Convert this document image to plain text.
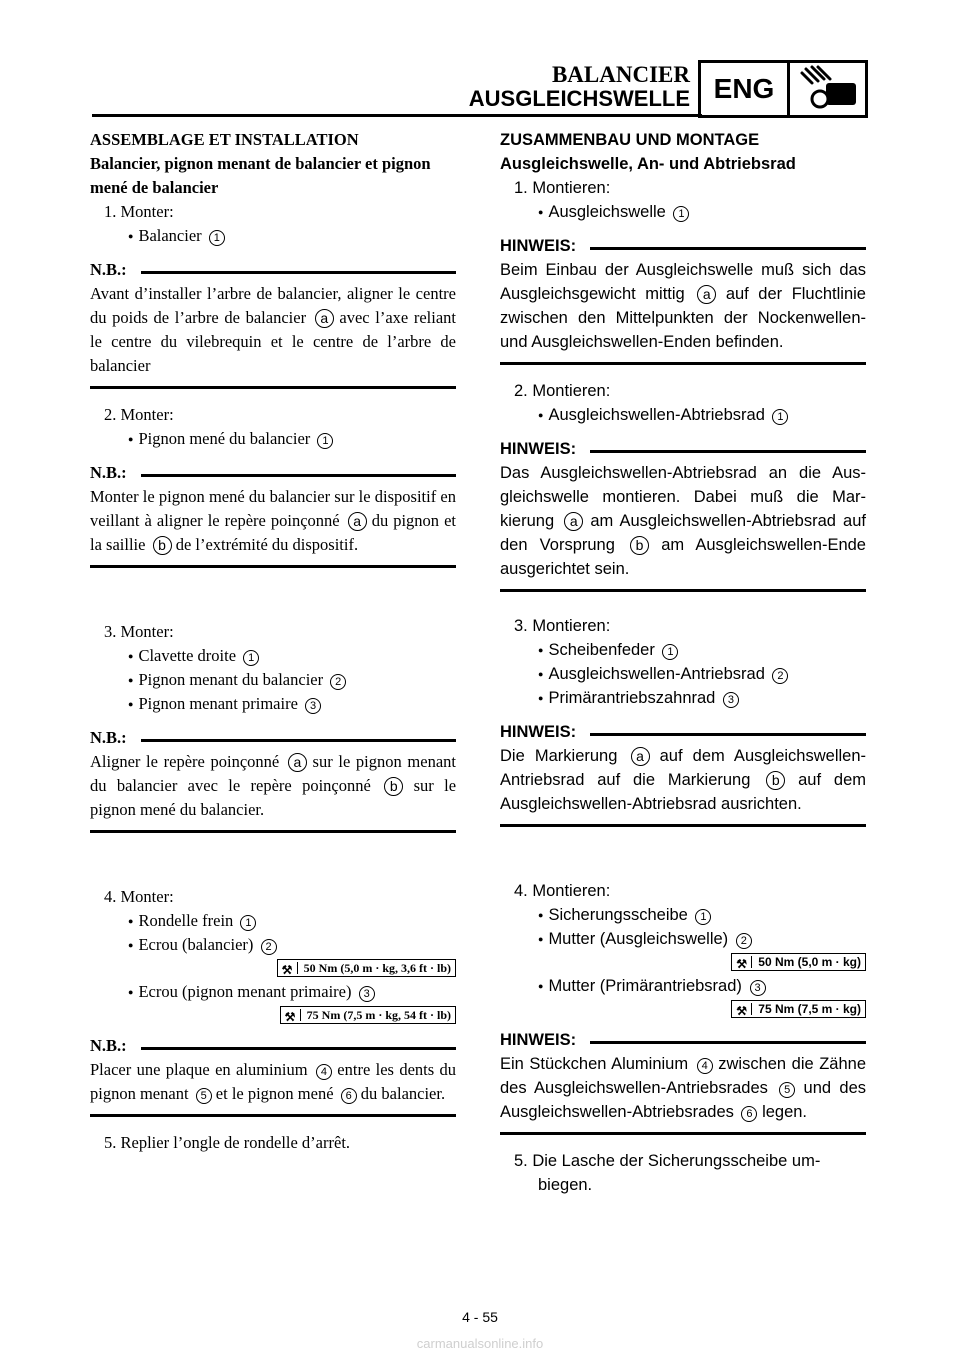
BALANCIER
AUSGLEICHSWELLE ENG

ASSEMBLAGE ET INSTALLATION

Balancier, pignon menant de balancier et pignon mené de balancier

1. Monter:

● Balancier 1

N.B.:

Avant d’installer l’arbre de balancier, aligner le centre du poids de l’arbre de balancier a avec l’axe reliant le centre du vilebrequin et le centre de l’arbre de balancier

2. Monter:

● Pignon mené du balancier 1

N.B.:

Monter le pignon mené du balancier sur le dispositif en veillant à aligner le repère poinçonné a du pignon et la saillie b de l’extrémité du dispositif.

3. Monter:

● Clavette droite 1

● Pignon menant du balancier 2

● Pignon menant primaire 3

N.B.:

Aligner le repère poinçonné a sur le pignon menant du balancier avec le repère poinçonné b sur le pignon mené du balancier.

4. Monter:

● Rondelle frein 1

● Ecrou (balancier) 2

⚒ 50 Nm (5,0 m · kg, 3,6 ft · lb)

● Ecrou (pignon menant primaire) 3

⚒ 75 Nm (7,5 m · kg, 54 ft · lb)
N.B.:

Placer une plaque en aluminium 4 entre les dents du pignon menant 5 et le pignon mené 6 du balancier.

5. Replier l’ongle de rondelle d’arrêt.

ZUSAMMENBAU UND MONTAGE

Ausgleichswelle, An- und Abtriebsrad

1. Montieren:

● Ausgleichswelle 1

HINWEIS:

Beim Einbau der Ausgleichswelle muß sich das Ausgleichsgewicht mittig a auf der Fluchtlinie zwischen den Mittelpunkten der Nockenwellen- und Ausgleichswellen-Enden befinden.

2. Montieren:

● Ausgleichswellen-Abtriebsrad 1

HINWEIS:

Das Ausgleichswellen-Abtriebsrad an die Ausgleichswelle montieren. Dabei muß die Markierung a am Ausgleichswellen-Abtriebsrad auf den Vorsprung b am Ausgleichswellen-Ende ausgerichtet sein.

3. Montieren:

● Scheibenfeder 1

● Ausgleichswellen-Antriebsrad 2

● Primärantriebszahnrad 3

HINWEIS:

Die Markierung a auf dem Ausgleichswellen-Antriebsrad auf die Markierung b auf dem Ausgleichswellen-Abtriebsrad ausrichten.

4. Montieren:

● Sicherungsscheibe 1

● Mutter (Ausgleichswelle) 2

⚒ 50 Nm (5,0 m · kg)

● Mutter (Primärantriebsrad) 3

⚒ 75 Nm (7,5 m · kg)
HINWEIS:

Ein Stückchen Aluminium 4 zwischen die Zähne des Ausgleichswellen-Antriebsrades 5 und des Ausgleichswellen-Abtriebsrades 6 legen.

5. Die Lasche der Sicherungsscheibe umbiegen.

4 - 55
carmanualsonline.info
